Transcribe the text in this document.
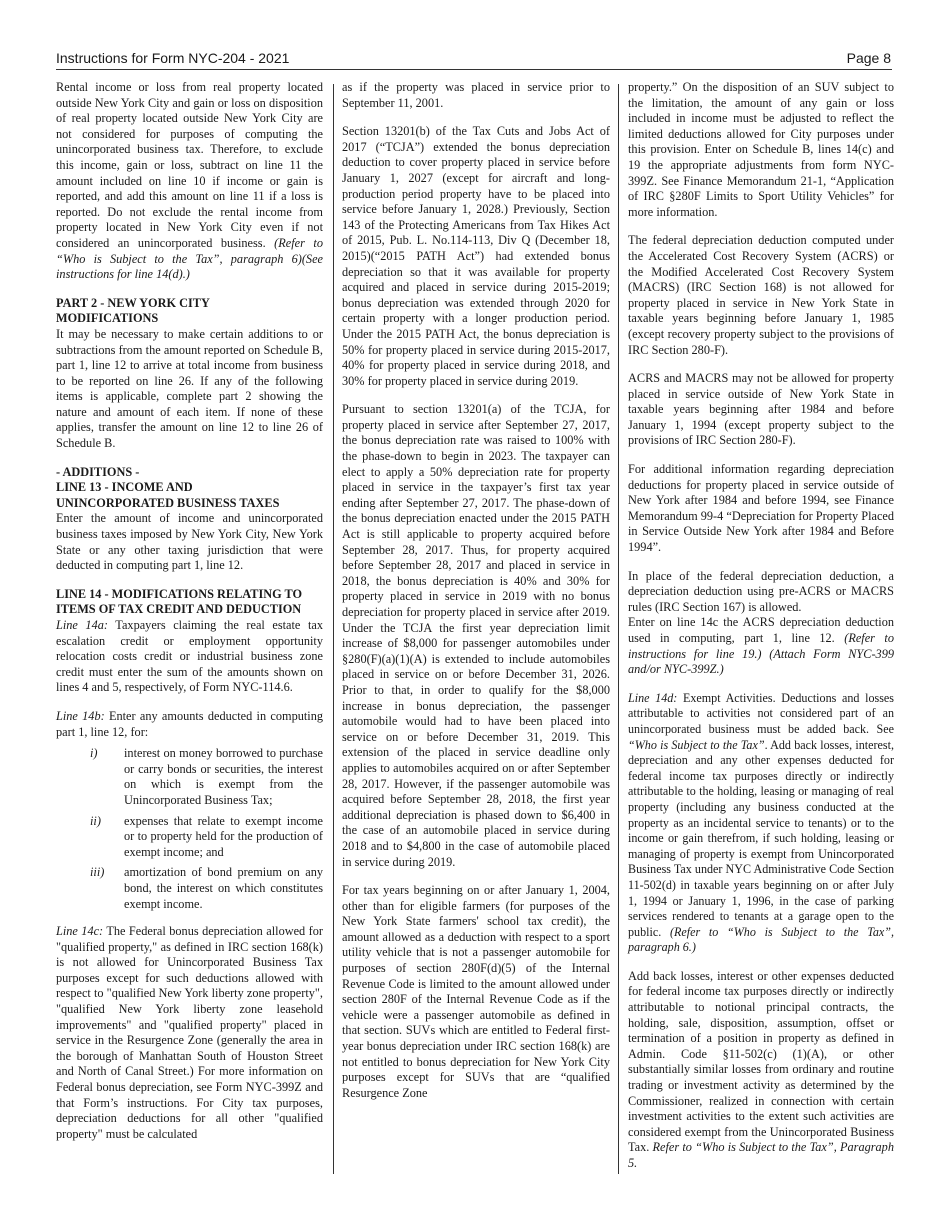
Instructions for Form NYC-204 - 2021	Page 8

Rental income or loss from real property located outside New York City and gain or loss on disposition of real property located outside New York City are not considered for purposes of computing the unincorporated business tax. Therefore, to exclude this income, gain or loss, subtract on line 11 the amount included on line 10 if income or gain is reported, and add this amount on line 11 if a loss is reported. Do not exclude the rental income from property located in New York City even if not considered an unincorporated business. (Refer to “Who is Subject to the Tax”, paragraph 6)(See instructions for line 14(d).)

PART 2 - NEW YORK CITY
MODIFICATIONS

It may be necessary to make certain additions to or subtractions from the amount reported on Schedule B, part 1, line 12 to arrive at total income from business to be reported on line 26. If any of the following items is applicable, complete part 2 showing the nature and amount of each item. If none of these applies, transfer the amount on line 12 to line 26 of Schedule B.

- ADDITIONS -

LINE 13 - INCOME AND
UNINCORPORATED BUSINESS TAXES

Enter the amount of income and unincorporated business taxes imposed by New York City, New York State or any other taxing jurisdiction that were deducted in computing part 1, line 12.

LINE 14 - MODIFICATIONS RELATING TO
ITEMS OF TAX CREDIT AND DEDUCTION

Line 14a: Taxpayers claiming the real estate tax escalation credit or employment opportunity relocation costs credit or industrial business zone credit must enter the sum of the amounts shown on lines 4 and 5, respectively, of Form NYC-114.6.

Line 14b: Enter any amounts deducted in computing part 1, line 12, for:

i) interest on money borrowed to purchase or carry bonds or securities, the interest on which is exempt from the Unincorporated Business Tax;
ii) expenses that relate to exempt income or to property held for the production of exempt income; and
iii) amortization of bond premium on any bond, the interest on which constitutes exempt income.

Line 14c: The Federal bonus depreciation allowed for "qualified property," as defined in IRC section 168(k) is not allowed for Unincorporated Business Tax purposes except for such deductions allowed with respect to "qualified New York liberty zone property", "qualified New York liberty zone leasehold improvements" and "qualified property" placed in service in the Resurgence Zone (generally the area in the borough of Manhattan South of Houston Street and North of Canal Street.) For more information on Federal bonus depreciation, see Form NYC-399Z and that Form’s instructions. For City tax purposes, depreciation deductions for all other "qualified property" must be calculated

as if the property was placed in service prior to September 11, 2001.

Section 13201(b) of the Tax Cuts and Jobs Act of 2017 (“TCJA”) extended the bonus depreciation deduction to cover property placed in service before January 1, 2027 (except for aircraft and long-production period property have to be placed into service before January 1, 2028.) Previously, Section 143 of the Protecting Americans from Tax Hikes Act of 2015, Pub. L. No.114-113, Div Q (December 18, 2015)(“2015 PATH Act”) had extended bonus depreciation so that it was available for property acquired and placed in service during 2015-2019; bonus depreciation was extended through 2020 for certain property with a longer production period. Under the 2015 PATH Act, the bonus depreciation is 50% for property placed in service during 2015-2017, 40% for property placed in service during 2018, and 30% for property placed in service during 2019.

Pursuant to section 13201(a) of the TCJA, for property placed in service after September 27, 2017, the bonus depreciation rate was raised to 100% with the phase-down to begin in 2023. The taxpayer can elect to apply a 50% depreciation rate for property placed in service in the taxpayer’s first tax year ending after September 27, 2017. The phase-down of the bonus depreciation enacted under the 2015 PATH Act is still applicable to property acquired before September 28, 2017. Thus, for property acquired before September 28, 2017 and placed in service in 2018, the bonus depreciation is 40% and 30% for property placed in service in 2019 with no bonus depreciation for property placed in service after 2019. Under the TCJA the first year depreciation limit increase of $8,000 for passenger automobiles under §280(F)(a)(1)(A) is extended to include automobiles placed in service on or before December 31, 2026. Prior to that, in order to qualify for the $8,000 increase in bonus depreciation, the passenger automobile would had to have been placed into service on or before December 31, 2019. This extension of the placed in service deadline only applies to automobiles acquired on or after September 28, 2017. However, if the passenger automobile was acquired before September 28, 2018, the first year additional depreciation is phased down to $6,400 in the case of an automobile placed in service during 2018 and to $4,800 in the case of automobile placed in service during 2019.

For tax years beginning on or after January 1, 2004, other than for eligible farmers (for purposes of the New York State farmers' school tax credit), the amount allowed as a deduction with respect to a sport utility vehicle that is not a passenger automobile for purposes of section 280F(d)(5) of the Internal Revenue Code is limited to the amount allowed under section 280F of the Internal Revenue Code as if the vehicle were a passenger automobile as defined in that section. SUVs which are entitled to Federal first-year bonus depreciation under IRC section 168(k) are not entitled to bonus depreciation for New York City purposes except for SUVs that are “qualified Resurgence Zone

property.” On the disposition of an SUV subject to the limitation, the amount of any gain or loss included in income must be adjusted to reflect the limited deductions allowed for City purposes under this provision. Enter on Schedule B, lines 14(c) and 19 the appropriate adjustments from form NYC-399Z. See Finance Memorandum 21-1, “Application of IRC §280F Limits to Sport Utility Vehicles” for more information.

The federal depreciation deduction computed under the Accelerated Cost Recovery System (ACRS) or the Modified Accelerated Cost Recovery System (MACRS) (IRC Section 168) is not allowed for property placed in service in New York State in taxable years beginning before January 1, 1985 (except recovery property subject to the provisions of IRC Section 280-F).

ACRS and MACRS may not be allowed for property placed in service outside of New York State in taxable years beginning after 1984 and before January 1, 1994 (except property subject to the provisions of IRC Section 280-F).

For additional information regarding depreciation deductions for property placed in service outside of New York after 1984 and before 1994, see Finance Memorandum 99-4 “Depreciation for Property Placed in Service Outside New York after 1984 and Before 1994”.

In place of the federal depreciation deduction, a depreciation deduction using pre-ACRS or MACRS rules (IRC Section 167) is allowed.

Enter on line 14c the ACRS depreciation deduction used in computing, part 1, line 12. (Refer to instructions for line 19.) (Attach Form NYC-399 and/or NYC-399Z.)

Line 14d: Exempt Activities. Deductions and losses attributable to activities not considered part of an unincorporated business must be added back. See “Who is Subject to the Tax”. Add back losses, interest, depreciation and any other expenses deducted for federal income tax purposes directly or indirectly attributable to the holding, leasing or managing of real property (including any business conducted at the property as an incidental service to tenants) or to the income or gain therefrom, if such holding, leasing or managing of property is exempt from Unincorporated Business Tax under NYC Administrative Code Section 11-502(d) in taxable years beginning on or after July 1, 1994 or January 1, 1996, in the case of parking services rendered to tenants at a garage open to the public. (Refer to “Who is Subject to the Tax”, paragraph 6.)

Add back losses, interest or other expenses deducted for federal income tax purposes directly or indirectly attributable to notional principal contracts, the holding, sale, disposition, assumption, offset or termination of a position in property as defined in Admin. Code §11-502(c) (1)(A), or other substantially similar losses from ordinary and routine trading or investment activity as determined by the Commissioner, realized in connection with certain investment activities to the extent such activities are considered exempt from the Unincorporated Business Tax. Refer to “Who is Subject to the Tax”, Paragraph 5.
